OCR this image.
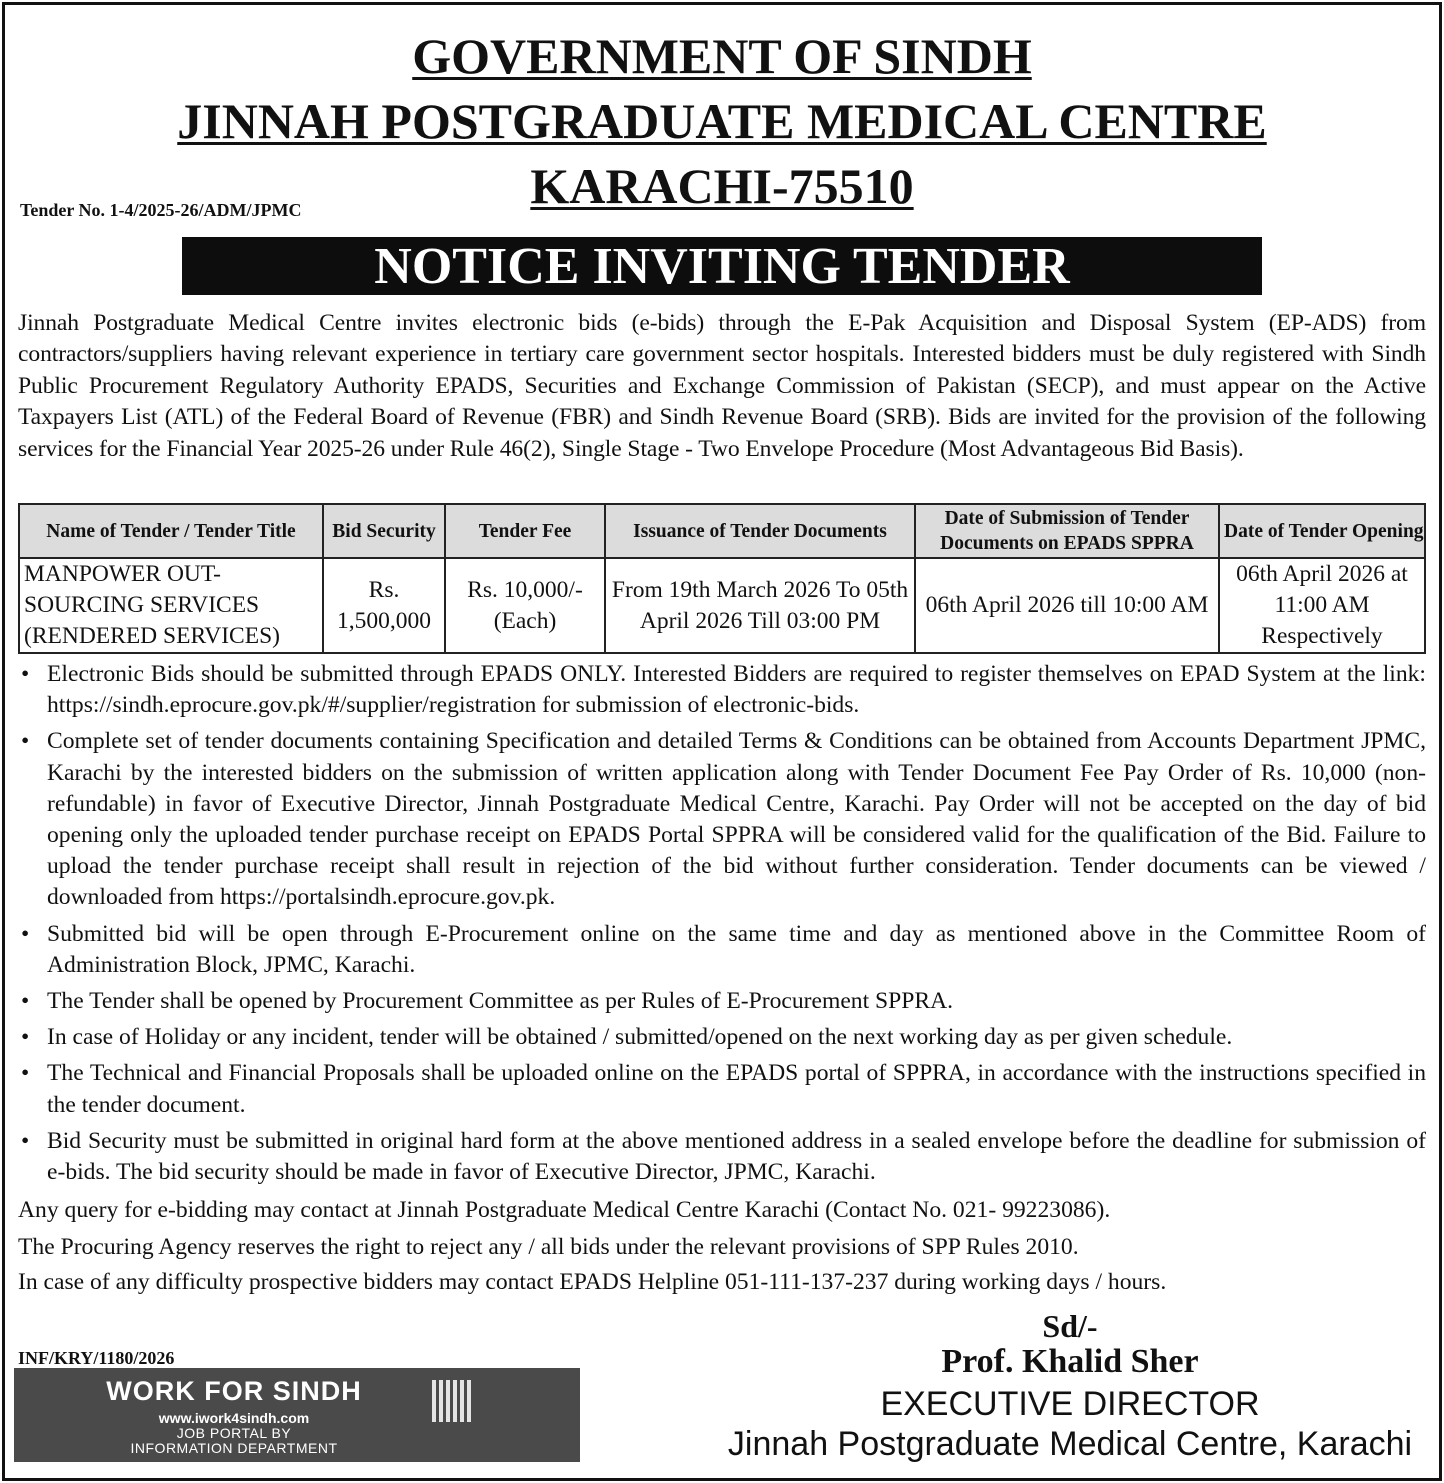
GOVERNMENT OF SINDH
JINNAH POSTGRADUATE MEDICAL CENTRE
KARACHI-75510
Tender No. 1-4/2025-26/ADM/JPMC
NOTICE INVITING TENDER

Jinnah Postgraduate Medical Centre invites electronic bids (e-bids) through the E-Pak Acquisition and Disposal System (EP-ADS) from contractors/suppliers having relevant experience in tertiary care government sector hospitals. Interested bidders must be duly registered with Sindh Public Procurement Regulatory Authority EPADS, Securities and Exchange Commission of Pakistan (SECP), and must appear on the Active Taxpayers List (ATL) of the Federal Board of Revenue (FBR) and Sindh Revenue Board (SRB). Bids are invited for the provision of the following services for the Financial Year 2025-26 under Rule 46(2), Single Stage - Two Envelope Procedure (Most Advantageous Bid Basis).

Name of Tender / Tender Title	Bid Security	Tender Fee	Issuance of Tender Documents	Date of Submission of Tender Documents on EPADS SPPRA	Date of Tender Opening
MANPOWER OUT-SOURCING SERVICES (RENDERED SERVICES)	Rs. 1,500,000	Rs. 10,000/- (Each)	From 19th March 2026 To 05th April 2026 Till 03:00 PM	06th April 2026 till 10:00 AM	06th April 2026 at 11:00 AM Respectively
• Electronic Bids should be submitted through EPADS ONLY. Interested Bidders are required to register themselves on EPAD System at the link: https://sindh.eprocure.gov.pk/#/supplier/registration for submission of electronic-bids.
• Complete set of tender documents containing Specification and detailed Terms & Conditions can be obtained from Accounts Department JPMC, Karachi by the interested bidders on the submission of written application along with Tender Document Fee Pay Order of Rs. 10,000 (non-refundable) in favor of Executive Director, Jinnah Postgraduate Medical Centre, Karachi. Pay Order will not be accepted on the day of bid opening only the uploaded tender purchase receipt on EPADS Portal SPPRA will be considered valid for the qualification of the Bid. Failure to upload the tender purchase receipt shall result in rejection of the bid without further consideration. Tender documents can be viewed / downloaded from https://portalsindh.eprocure.gov.pk.
• Submitted bid will be open through E-Procurement online on the same time and day as mentioned above in the Committee Room of Administration Block, JPMC, Karachi.
• The Tender shall be opened by Procurement Committee as per Rules of E-Procurement SPPRA.
• In case of Holiday or any incident, tender will be obtained / submitted/opened on the next working day as per given schedule.
• The Technical and Financial Proposals shall be uploaded online on the EPADS portal of SPPRA, in accordance with the instructions specified in the tender document.
• Bid Security must be submitted in original hard form at the above mentioned address in a sealed envelope before the deadline for submission of e-bids. The bid security should be made in favor of Executive Director, JPMC, Karachi.
Any query for e-bidding may contact at Jinnah Postgraduate Medical Centre Karachi (Contact No. 021- 99223086).
The Procuring Agency reserves the right to reject any / all bids under the relevant provisions of SPP Rules 2010.
In case of any difficulty prospective bidders may contact EPADS Helpline 051-111-137-237 during working days / hours.
INF/KRY/1180/2026
WORK FOR SINDH
www.iwork4sindh.com
JOB PORTAL BY
INFORMATION DEPARTMENT
Sd/-
Prof. Khalid Sher
EXECUTIVE DIRECTOR
Jinnah Postgraduate Medical Centre, Karachi
